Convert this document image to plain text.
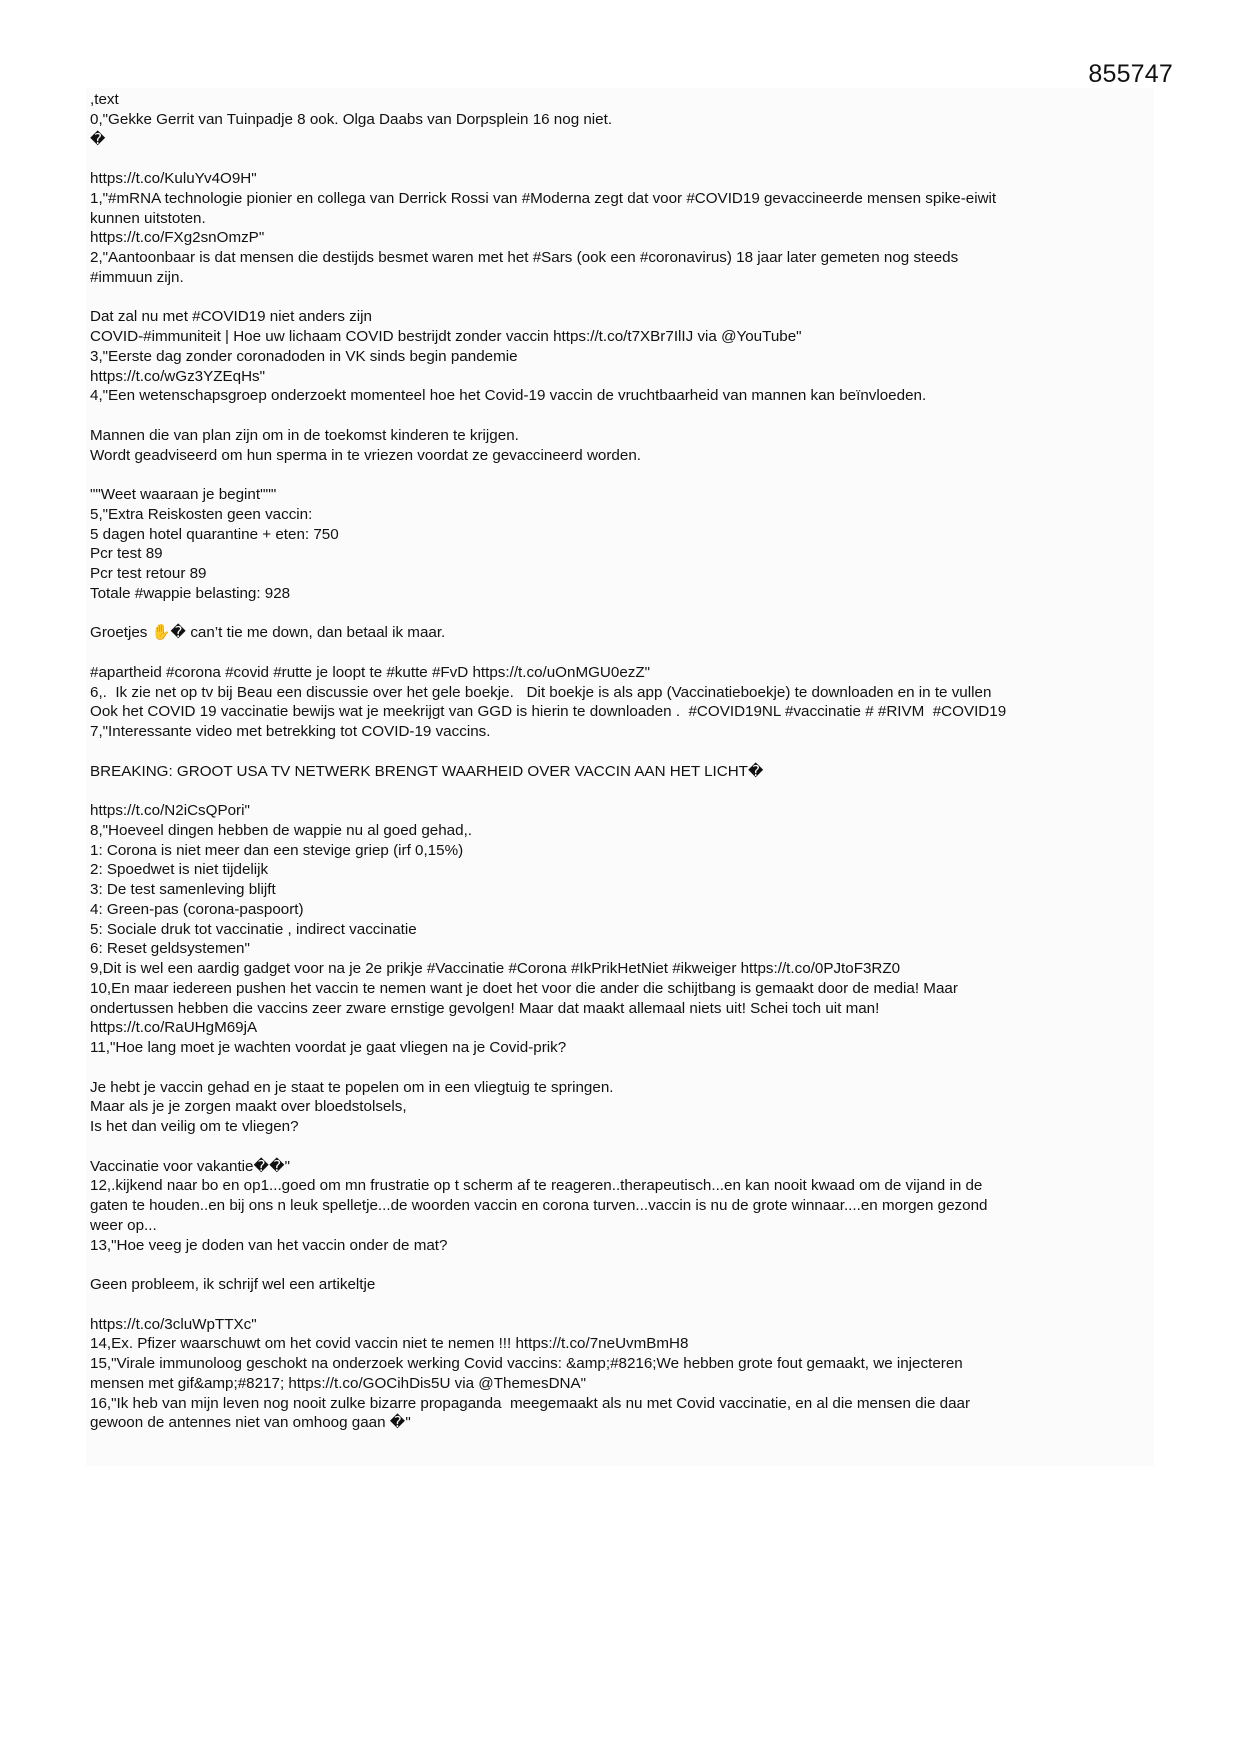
855747
,text
0,"Gekke Gerrit van Tuinpadje 8 ook. Olga Daabs van Dorpsplein 16 nog niet.
�
https://t.co/KuluYv4O9H"
1,"#mRNA technologie pionier en collega van Derrick Rossi van #Moderna zegt dat voor #COVID19 gevaccineerde mensen spike-eiwit
kunnen uitstoten.
https://t.co/FXg2snOmzP"
2,"Aantoonbaar is dat mensen die destijds besmet waren met het #Sars (ook een #coronavirus) 18 jaar later gemeten nog steeds
#immuun zijn.
Dat zal nu met #COVID19 niet anders zijn
COVID-#immuniteit | Hoe uw lichaam COVID bestrijdt zonder vaccin https://t.co/t7XBr7IlIJ via @YouTube"
3,"Eerste dag zonder coronadoden in VK sinds begin pandemie
https://t.co/wGz3YZEqHs"
4,"Een wetenschapsgroep onderzoekt momenteel hoe het Covid-19 vaccin de vruchtbaarheid van mannen kan beïnvloeden.
Mannen die van plan zijn om in de toekomst kinderen te krijgen.
Wordt geadviseerd om hun sperma in te vriezen voordat ze gevaccineerd worden.
""Weet waaraan je begint"""
5,"Extra Reiskosten geen vaccin:
5 dagen hotel quarantine + eten: 750
Pcr test 89
Pcr test retour 89
Totale #wappie belasting: 928
Groetjes ✋� can’t tie me down, dan betaal ik maar.
#apartheid #corona #covid #rutte je loopt te #kutte #FvD https://t.co/uOnMGU0ezZ"
6,.  Ik zie net op tv bij Beau een discussie over het gele boekje.   Dit boekje is als app (Vaccinatieboekje) te downloaden en in te vullen
Ook het COVID 19 vaccinatie bewijs wat je meekrijgt van GGD is hierin te downloaden .  #COVID19NL #vaccinatie # #RIVM  #COVID19
7,"Interessante video met betrekking tot COVID-19 vaccins.
BREAKING: GROOT USA TV NETWERK BRENGT WAARHEID OVER VACCIN AAN HET LICHT�
https://t.co/N2iCsQPori"
8,"Hoeveel dingen hebben de wappie nu al goed gehad,.
1: Corona is niet meer dan een stevige griep (irf 0,15%)
2: Spoedwet is niet tijdelijk
3: De test samenleving blijft
4: Green-pas (corona-paspoort)
5: Sociale druk tot vaccinatie , indirect vaccinatie
6: Reset geldsystemen"
9,Dit is wel een aardig gadget voor na je 2e prikje #Vaccinatie #Corona #IkPrikHetNiet #ikweiger https://t.co/0PJtoF3RZ0
10,En maar iedereen pushen het vaccin te nemen want je doet het voor die ander die schijtbang is gemaakt door de media! Maar
ondertussen hebben die vaccins zeer zware ernstige gevolgen! Maar dat maakt allemaal niets uit! Schei toch uit man!
https://t.co/RaUHgM69jA
11,"Hoe lang moet je wachten voordat je gaat vliegen na je Covid-prik?
Je hebt je vaccin gehad en je staat te popelen om in een vliegtuig te springen.
Maar als je je zorgen maakt over bloedstolsels,
Is het dan veilig om te vliegen?
Vaccinatie voor vakantie��"
12,.kijkend naar bo en op1...goed om mn frustratie op t scherm af te reageren..therapeutisch...en kan nooit kwaad om de vijand in de
gaten te houden..en bij ons n leuk spelletje...de woorden vaccin en corona turven...vaccin is nu de grote winnaar....en morgen gezond
weer op...
13,"Hoe veeg je doden van het vaccin onder de mat?
Geen probleem, ik schrijf wel een artikeltje
https://t.co/3cluWpTTXc"
14,Ex. Pfizer waarschuwt om het covid vaccin niet te nemen !!! https://t.co/7neUvmBmH8
15,"Virale immunoloog geschokt na onderzoek werking Covid vaccins: &amp;#8216;We hebben grote fout gemaakt, we injecteren
mensen met gif&amp;#8217; https://t.co/GOCihDis5U via @ThemesDNA"
16,"Ik heb van mijn leven nog nooit zulke bizarre propaganda  meegemaakt als nu met Covid vaccinatie, en al die mensen die daar
gewoon de antennes niet van omhoog gaan �"
